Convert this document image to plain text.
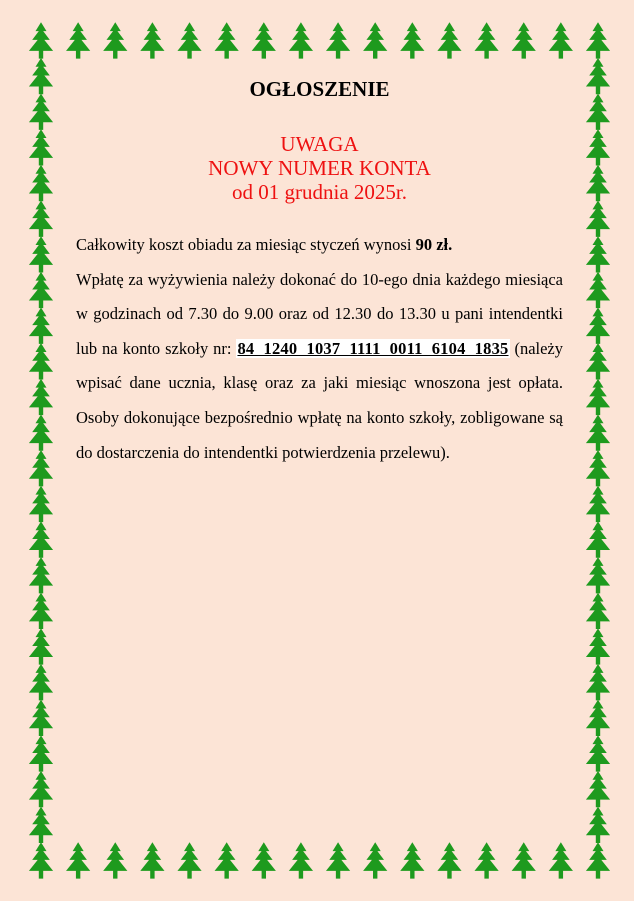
OGŁOSZENIE

UWAGA
NOWY NUMER KONTA
od 01 grudnia 2025r.
Całkowity koszt obiadu za miesiąc styczeń wynosi 90 zł.
Wpłatę za wyżywienia należy dokonać do 10-ego dnia każdego miesiąca w godzinach od 7.30 do 9.00 oraz od 12.30 do 13.30 u pani intendentki lub na konto szkoły nr: 84 1240 1037 1111 0011 6104 1835 (należy wpisać dane ucznia, klasę oraz za jaki miesiąc wnoszona jest opłata. Osoby dokonujące bezpośrednio wpłatę na konto szkoły, zobligowane są do dostarczenia do intendentki potwierdzenia przelewu).
